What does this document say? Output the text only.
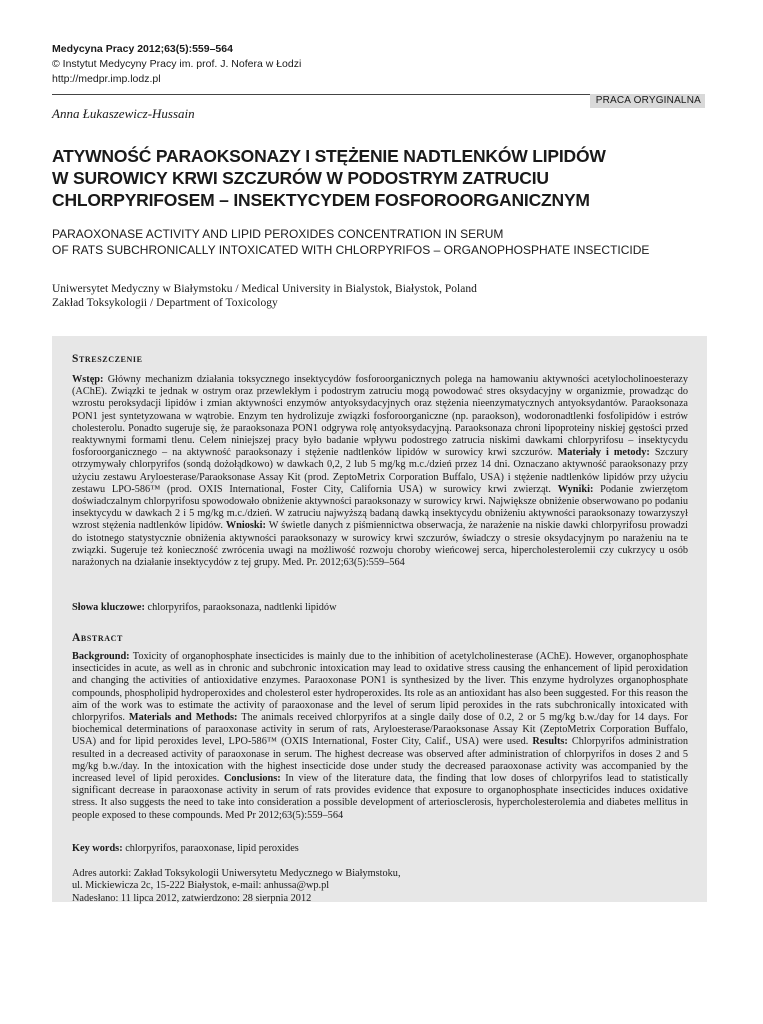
Medycyna Pracy 2012;63(5):559–564
© Instytut Medycyny Pracy im. prof. J. Nofera w Łodzi
http://medpr.imp.lodz.pl
PRACA ORYGINALNA
Anna Łukaszewicz-Hussain
ATYWNOŚĆ PARAOKSONAZY I STĘŻENIE NADTLENKÓW LIPIDÓW
W SUROWICY KRWI SZCZURÓW W PODOSTRYM ZATRUCIU
CHLORPYRIFOSEM – INSEKTYCYDEM FOSFOROORGANICZNYM
PARAOXONASE ACTIVITY AND LIPID PEROXIDES CONCENTRATION IN SERUM
OF RATS SUBCHRONICALLY INTOXICATED WITH CHLORPYRIFOS – ORGANOPHOSPHATE INSECTICIDE
Uniwersytet Medyczny w Białymstoku / Medical University in Bialystok, Białystok, Poland
Zakład Toksykologii / Department of Toxicology
Streszczenie
Wstęp: Główny mechanizm działania toksycznego insektycydów fosforoorganicznych polega na hamowaniu aktywności acetylocholinoesterazy (AChE). Związki te jednak w ostrym oraz przewlekłym i podostrym zatruciu mogą powodować stres oksydacyjny w organizmie, prowadząc do wzrostu peroksydacji lipidów i zmian aktywności enzymów antyoksydacyjnych oraz stężenia nieenzymatycznych antyoksydantów. Paraoksonaza PON1 jest syntetyzowana w wątrobie. Enzym ten hydrolizuje związki fosforoorganiczne (np. paraokson), wodoronadtlenki fosfolipidów i estrów cholesterolu. Ponadto sugeruje się, że paraoksonaza PON1 odgrywa rolę antyoksydacyjną. Paraoksonaza chroni lipoproteiny niskiej gęstości przed reaktywnymi formami tlenu. Celem niniejszej pracy było badanie wpływu podostrego zatrucia niskimi dawkami chlorpyrifosu – insektycydu fosforoorganicznego – na aktywność paraoksonazy i stężenie nadtlenków lipidów w surowicy krwi szczurów. Materiały i metody: Szczury otrzymywały chlorpyrifos (sondą dożołądkowo) w dawkach 0,2, 2 lub 5 mg/kg m.c./dzień przez 14 dni. Oznaczano aktywność paraoksonazy przy użyciu zestawu Aryloesterase/Paraoksonase Assay Kit (prod. ZeptoMetrix Corporation Buffalo, USA) i stężenie nadtlenków lipidów przy użyciu zestawu LPO-586™ (prod. OXIS International, Foster City, California USA) w surowicy krwi zwierząt. Wyniki: Podanie zwierzętom doświadczalnym chlorpyrifosu spowodowało obniżenie aktywności paraoksonazy w surowicy krwi. Największe obniżenie obserwowano po podaniu insektycydu w dawkach 2 i 5 mg/kg m.c./dzień. W zatruciu najwyższą badaną dawką insektycydu obniżeniu aktywności paraoksonazy towarzyszył wzrost stężenia nadtlenków lipidów. Wnioski: W świetle danych z piśmiennictwa obserwacja, że narażenie na niskie dawki chlorpyrifosu prowadzi do istotnego statystycznie obniżenia aktywności paraoksonazy w surowicy krwi szczurów, świadczy o stresie oksydacyjnym po narażeniu na te związki. Sugeruje też konieczność zwrócenia uwagi na możliwość rozwoju choroby wieńcowej serca, hipercholesterolemii czy cukrzycy u osób narażonych na działanie insektycydów z tej grupy. Med. Pr. 2012;63(5):559–564
Słowa kluczowe: chlorpyrifos, paraoksonaza, nadtlenki lipidów
Abstract
Background: Toxicity of organophosphate insecticides is mainly due to the inhibition of acetylcholinesterase (AChE). However, organophosphate insecticides in acute, as well as in chronic and subchronic intoxication may lead to oxidative stress causing the enhancement of lipid peroxidation and changing the activities of antioxidative enzymes. Paraoxonase PON1 is synthesized by the liver. This enzyme hydrolyzes organophosphate compounds, phospholipid hydroperoxides and cholesterol ester hydroperoxides. Its role as an antioxidant has also been suggested. For this reason the aim of the work was to estimate the activity of paraoxonase and the level of serum lipid peroxides in the rats subchronically intoxicated with chlorpyrifos. Materials and Methods: The animals received chlorpyrifos at a single daily dose of 0.2, 2 or 5 mg/kg b.w./day for 14 days. For biochemical determinations of paraoxonase activity in serum of rats, Aryloesterase/Paraoksonase Assay Kit (ZeptoMetrix Corporation Buffalo, USA) and for lipid peroxides level, LPO-586™ (OXIS International, Foster City, Calif., USA) were used. Results: Chlorpyrifos administration resulted in a decreased activity of paraoxonase in serum. The highest decrease was observed after administration of chlorpyrifos in doses 2 and 5 mg/kg b.w./day. In the intoxication with the highest insecticide dose under study the decreased paraoxonase activity was accompanied by the increased level of lipid peroxides. Conclusions: In view of the literature data, the finding that low doses of chlorpyrifos lead to statistically significant decrease in paraoxonase activity in serum of rats provides evidence that exposure to organophosphate insecticides induces oxidative stress. It also suggests the need to take into consideration a possible development of arteriosclerosis, hypercholesterolemia and diabetes mellitus in people exposed to these compounds. Med Pr 2012;63(5):559–564
Key words: chlorpyrifos, paraoxonase, lipid peroxides
Adres autorki: Zakład Toksykologii Uniwersytetu Medycznego w Białymstoku,
ul. Mickiewicza 2c, 15-222 Białystok, e-mail: anhussa@wp.pl
Nadesłano: 11 lipca 2012, zatwierdzono: 28 sierpnia 2012
